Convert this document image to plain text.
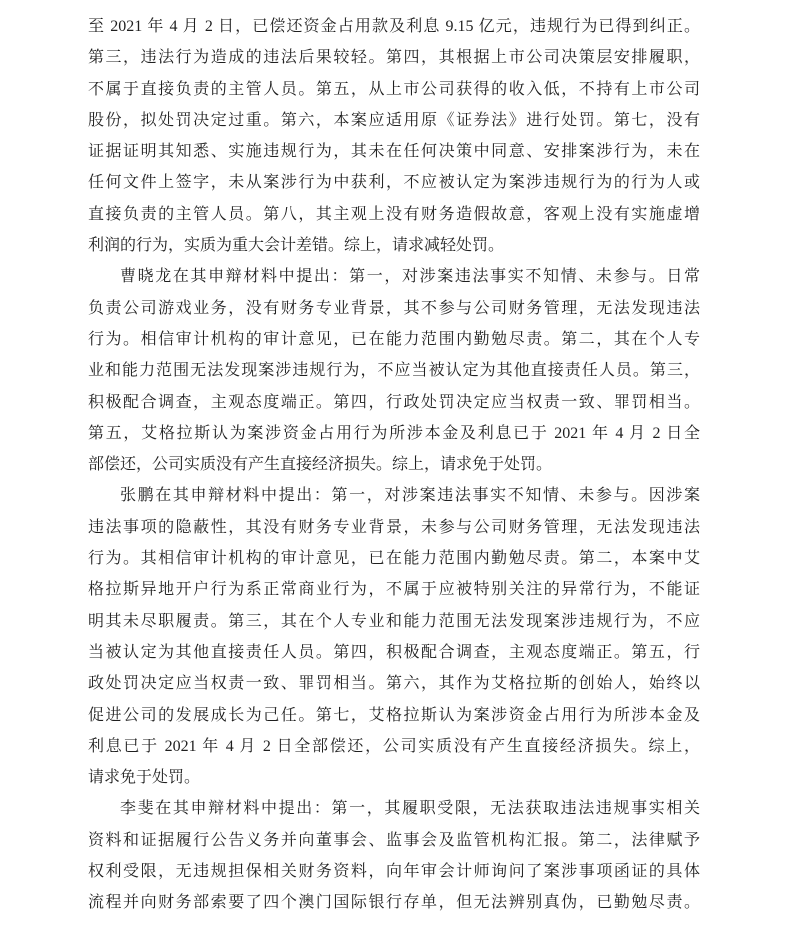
至 2021 年 4 月 2 日，已偿还资金占用款及利息 9.15 亿元，违规行为已得到纠正。
第三，违法行为造成的违法后果较轻。第四，其根据上市公司决策层安排履职，
不属于直接负责的主管人员。第五，从上市公司获得的收入低，不持有上市公司
股份，拟处罚决定过重。第六，本案应适用原《证券法》进行处罚。第七，没有
证据证明其知悉、实施违规行为，其未在任何决策中同意、安排案涉行为，未在
任何文件上签字，未从案涉行为中获利，不应被认定为案涉违规行为的行为人或
直接负责的主管人员。第八，其主观上没有财务造假故意，客观上没有实施虚增
利润的行为，实质为重大会计差错。综上，请求减轻处罚。
曹晓龙在其申辩材料中提出：第一，对涉案违法事实不知情、未参与。日常
负责公司游戏业务，没有财务专业背景，其不参与公司财务管理，无法发现违法
行为。相信审计机构的审计意见，已在能力范围内勤勉尽责。第二，其在个人专
业和能力范围无法发现案涉违规行为，不应当被认定为其他直接责任人员。第三，
积极配合调查，主观态度端正。第四，行政处罚决定应当权责一致、罪罚相当。
第五，艾格拉斯认为案涉资金占用行为所涉本金及利息已于 2021 年 4 月 2 日全
部偿还，公司实质没有产生直接经济损失。综上，请求免于处罚。
张鹏在其申辩材料中提出：第一，对涉案违法事实不知情、未参与。因涉案
违法事项的隐蔽性，其没有财务专业背景，未参与公司财务管理，无法发现违法
行为。其相信审计机构的审计意见，已在能力范围内勤勉尽责。第二，本案中艾
格拉斯异地开户行为系正常商业行为，不属于应被特别关注的异常行为，不能证
明其未尽职履责。第三，其在个人专业和能力范围无法发现案涉违规行为，不应
当被认定为其他直接责任人员。第四，积极配合调查，主观态度端正。第五，行
政处罚决定应当权责一致、罪罚相当。第六，其作为艾格拉斯的创始人，始终以
促进公司的发展成长为己任。第七，艾格拉斯认为案涉资金占用行为所涉本金及
利息已于 2021 年 4 月 2 日全部偿还，公司实质没有产生直接经济损失。综上，
请求免于处罚。
李斐在其申辩材料中提出：第一，其履职受限，无法获取违法违规事实相关
资料和证据履行公告义务并向董事会、监事会及监管机构汇报。第二，法律赋予
权利受限，无违规担保相关财务资料，向年审会计师询问了案涉事项函证的具体
流程并向财务部索要了四个澳门国际银行存单，但无法辨别真伪，已勤勉尽责。
